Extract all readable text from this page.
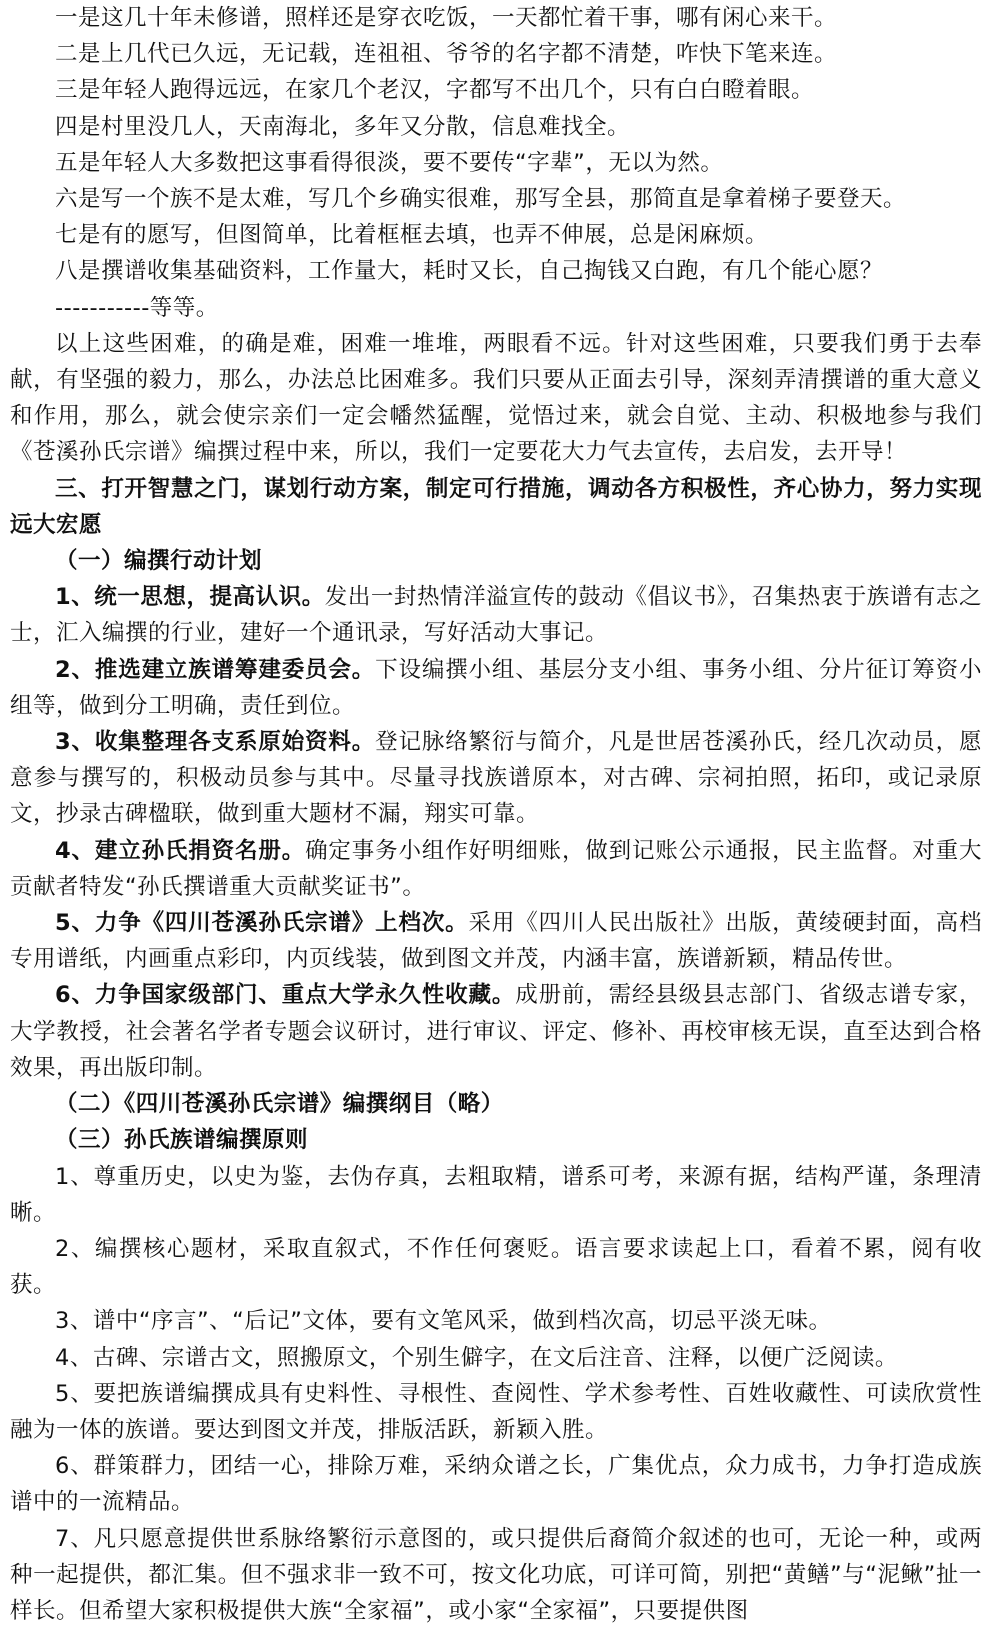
一是这几十年未修谱，照样还是穿衣吃饭，一天都忙着干事，哪有闲心来干。

二是上几代已久远，无记载，连祖祖、爷爷的名字都不清楚，咋快下笔来连。

三是年轻人跑得远远，在家几个老汉，字都写不出几个，只有白白瞪着眼。

四是村里没几人，天南海北，多年又分散，信息难找全。

五是年轻人大多数把这事看得很淡，要不要传“字辈”，无以为然。

六是写一个族不是太难，写几个乡确实很难，那写全县，那简直是拿着梯子要登天。

七是有的愿写，但图简单，比着框框去填，也弄不伸展，总是闲麻烦。

八是撰谱收集基础资料，工作量大，耗时又长，自己掏钱又白跑，有几个能心愿？

-----------等等。

以上这些困难，的确是难，困难一堆堆，两眼看不远。针对这些困难，只要我们勇于去奉献，有坚强的毅力，那么，办法总比困难多。我们只要从正面去引导，深刻弄清撰谱的重大意义和作用，那么，就会使宗亲们一定会幡然猛醒，觉悟过来，就会自觉、主动、积极地参与我们《苍溪孙氏宗谱》编撰过程中来，所以，我们一定要花大力气去宣传，去启发，去开导！

三、打开智慧之门，谋划行动方案，制定可行措施，调动各方积极性，齐心协力，努力实现远大宏愿

（一）编撰行动计划

1、统一思想，提高认识。发出一封热情洋溢宣传的鼓动《倡议书》，召集热衷于族谱有志之士，汇入编撰的行业，建好一个通讯录，写好活动大事记。

2、推选建立族谱筹建委员会。下设编撰小组、基层分支小组、事务小组、分片征订筹资小组等，做到分工明确，责任到位。

3、收集整理各支系原始资料。登记脉络繁衍与简介，凡是世居苍溪孙氏，经几次动员，愿意参与撰写的，积极动员参与其中。尽量寻找族谱原本，对古碑、宗祠拍照，拓印，或记录原文，抄录古碑楹联，做到重大题材不漏，翔实可靠。

4、建立孙氏捐资名册。确定事务小组作好明细账，做到记账公示通报，民主监督。对重大贡献者特发“孙氏撰谱重大贡献奖证书”。

5、力争《四川苍溪孙氏宗谱》上档次。采用《四川人民出版社》出版，黄绫硬封面，高档专用谱纸，内画重点彩印，内页线装，做到图文并茂，内涵丰富，族谱新颖，精品传世。

6、力争国家级部门、重点大学永久性收藏。成册前，需经县级县志部门、省级志谱专家，大学教授，社会著名学者专题会议研讨，进行审议、评定、修补、再校审核无误，直至达到合格效果，再出版印制。

（二）《四川苍溪孙氏宗谱》编撰纲目（略）

（三）孙氏族谱编撰原则

1、尊重历史，以史为鉴，去伪存真，去粗取精，谱系可考，来源有据，结构严谨，条理清晰。

2、编撰核心题材，采取直叙式，不作任何褒贬。语言要求读起上口，看着不累，阅有收获。

3、谱中“序言”、“后记”文体，要有文笔风采，做到档次高，切忌平淡无味。

4、古碑、宗谱古文，照搬原文，个别生僻字，在文后注音、注释，以便广泛阅读。

5、要把族谱编撰成具有史料性、寻根性、查阅性、学术参考性、百姓收藏性、可读欣赏性融为一体的族谱。要达到图文并茂，排版活跃，新颖入胜。

6、群策群力，团结一心，排除万难，采纳众谱之长，广集优点，众力成书，力争打造成族谱中的一流精品。

7、凡只愿意提供世系脉络繁衍示意图的，或只提供后裔简介叙述的也可，无论一种，或两种一起提供，都汇集。但不强求非一致不可，按文化功底，可详可简，别把“黄鳝”与“泥鳅”扯一样长。但希望大家积极提供大族“全家福”，或小家“全家福”，只要提供图
